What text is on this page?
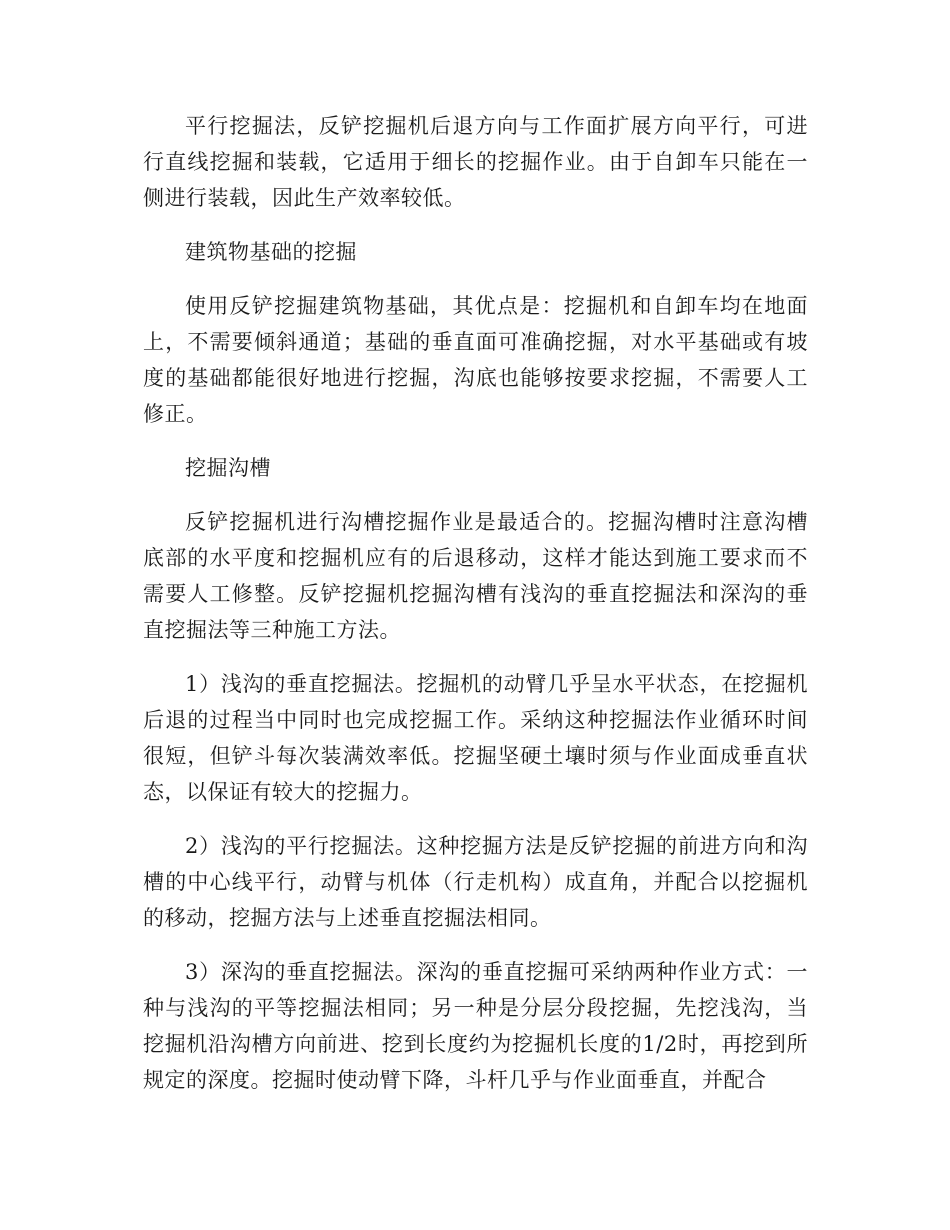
平行挖掘法，反铲挖掘机后退方向与工作面扩展方向平行，可进行直线挖掘和装载，它适用于细长的挖掘作业。由于自卸车只能在一侧进行装载，因此生产效率较低。

建筑物基础的挖掘

使用反铲挖掘建筑物基础，其优点是：挖掘机和自卸车均在地面上，不需要倾斜通道；基础的垂直面可准确挖掘，对水平基础或有坡度的基础都能很好地进行挖掘，沟底也能够按要求挖掘，不需要人工修正。

挖掘沟槽

反铲挖掘机进行沟槽挖掘作业是最适合的。挖掘沟槽时注意沟槽底部的水平度和挖掘机应有的后退移动，这样才能达到施工要求而不需要人工修整。反铲挖掘机挖掘沟槽有浅沟的垂直挖掘法和深沟的垂直挖掘法等三种施工方法。

1）浅沟的垂直挖掘法。挖掘机的动臂几乎呈水平状态，在挖掘机后退的过程当中同时也完成挖掘工作。采纳这种挖掘法作业循环时间很短，但铲斗每次装满效率低。挖掘坚硬土壤时须与作业面成垂直状态，以保证有较大的挖掘力。

2）浅沟的平行挖掘法。这种挖掘方法是反铲挖掘的前进方向和沟槽的中心线平行，动臂与机体（行走机构）成直角，并配合以挖掘机的移动，挖掘方法与上述垂直挖掘法相同。

3）深沟的垂直挖掘法。深沟的垂直挖掘可采纳两种作业方式：一种与浅沟的平等挖掘法相同；另一种是分层分段挖掘，先挖浅沟，当挖掘机沿沟槽方向前进、挖到长度约为挖掘机长度的1/2时，再挖到所规定的深度。挖掘时使动臂下降，斗杆几乎与作业面垂直，并配合
